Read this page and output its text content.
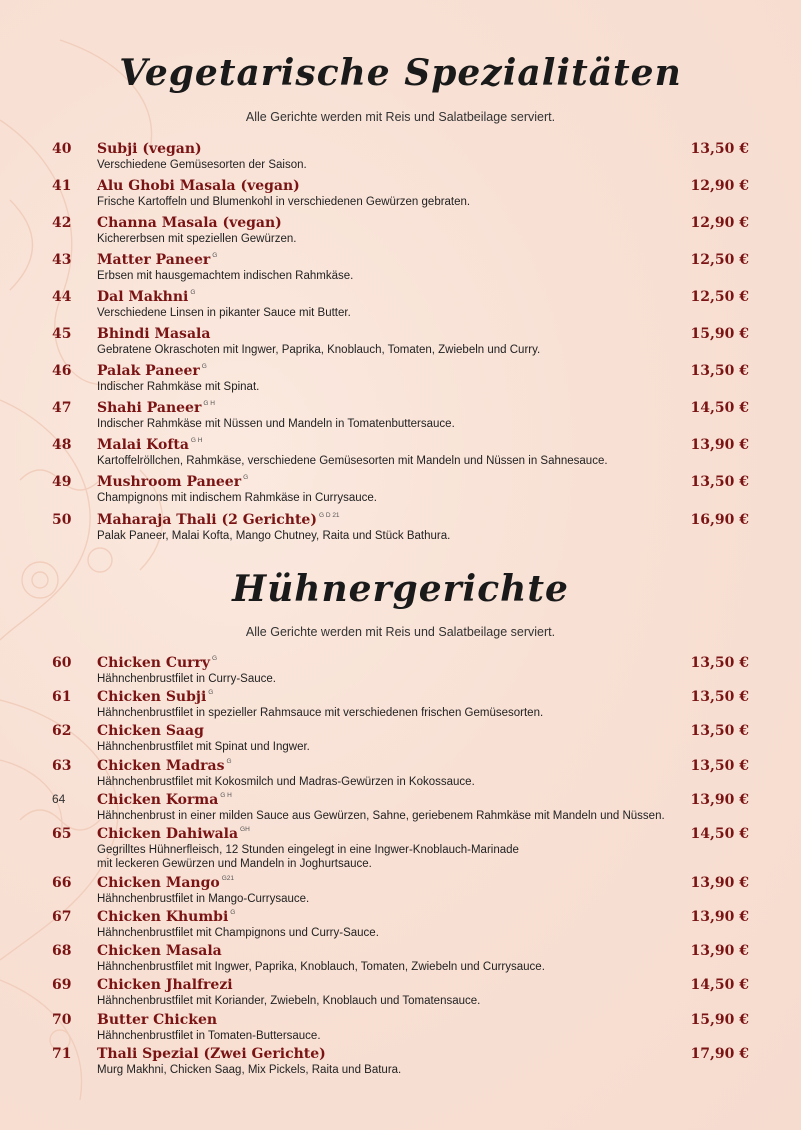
Vegetarische Spezialitäten
Alle Gerichte werden mit Reis und Salatbeilage serviert.
40	Subji (vegan)	13,50 €
Verschiedene Gemüsesorten der Saison.
41	Alu Ghobi Masala (vegan)	12,90 €
Frische Kartoffeln und Blumenkohl in verschiedenen Gewürzen gebraten.
42	Channa Masala (vegan)	12,90 €
Kichererbsen mit speziellen Gewürzen.
43	Matter Paneer $^G$	12,50 €
Erbsen mit hausgemachtem indischen Rahmkäse.
44	Dal Makhni $^G$	12,50 €
Verschiedene Linsen in pikanter Sauce mit Butter.
45	Bhindi Masala	15,90 €
Gebratene Okraschoten mit Ingwer, Paprika, Knoblauch, Tomaten, Zwiebeln und Curry.
46	Palak Paneer $^G$	13,50 €
Indischer Rahmkäse mit Spinat.
47	Shahi Paneer $^{G H}$	14,50 €
Indischer Rahmkäse mit Nüssen und Mandeln in Tomatenbuttersauce.
48	Malai Kofta $^{G H}$	13,90 €
Kartoffelröllchen, Rahmkäse, verschiedene Gemüsesorten mit Mandeln und Nüssen in Sahnesauce.
49	Mushroom Paneer $^G$	13,50 €
Champignons mit indischem Rahmkäse in Currysauce.
50	Maharaja Thali (2 Gerichte) $^{G D 21}$	16,90 €
Palak Paneer, Malai Kofta, Mango Chutney, Raita und Stück Bathura.
Hühnergerichte
Alle Gerichte werden mit Reis und Salatbeilage serviert.
60	Chicken Curry $^G$	13,50 €
Hähnchenbrustfilet in Curry-Sauce.
61	Chicken Subji $^G$	13,50 €
Hähnchenbrustfilet in spezieller Rahmsauce mit verschiedenen frischen Gemüsesorten.
62	Chicken Saag	13,50 €
Hähnchenbrustfilet mit Spinat und Ingwer.
63	Chicken Madras $^G$	13,50 €
Hähnchenbrustfilet mit Kokosmilch und Madras-Gewürzen in Kokossauce.
64	Chicken Korma $^{G H}$	13,90 €
Hähnchenbrust in einer milden Sauce aus Gewürzen, Sahne, geriebenem Rahmkäse mit Mandeln und Nüssen.
65	Chicken Dahiwala $^{GH}$	14,50 €
Gegrilltes Hühnerfleisch, 12 Stunden eingelegt in eine Ingwer-Knoblauch-Marinade
mit leckeren Gewürzen und Mandeln in Joghurtsauce.
66	Chicken Mango $^{G21}$	13,90 €
Hähnchenbrustfilet in Mango-Currysauce.
67	Chicken Khumbi $^G$	13,90 €
Hähnchenbrustfilet mit Champignons und Curry-Sauce.
68	Chicken Masala	13,90 €
Hähnchenbrustfilet mit Ingwer, Paprika, Knoblauch, Tomaten, Zwiebeln und Currysauce.
69	Chicken Jhalfrezi	14,50 €
Hähnchenbrustfilet mit Koriander, Zwiebeln, Knoblauch und Tomatensauce.
70	Butter Chicken	15,90 €
Hähnchenbrustfilet in Tomaten-Buttersauce.
71	Thali Spezial (Zwei Gerichte)	17,90 €
Murg Makhni, Chicken Saag, Mix Pickels, Raita und Batura.
